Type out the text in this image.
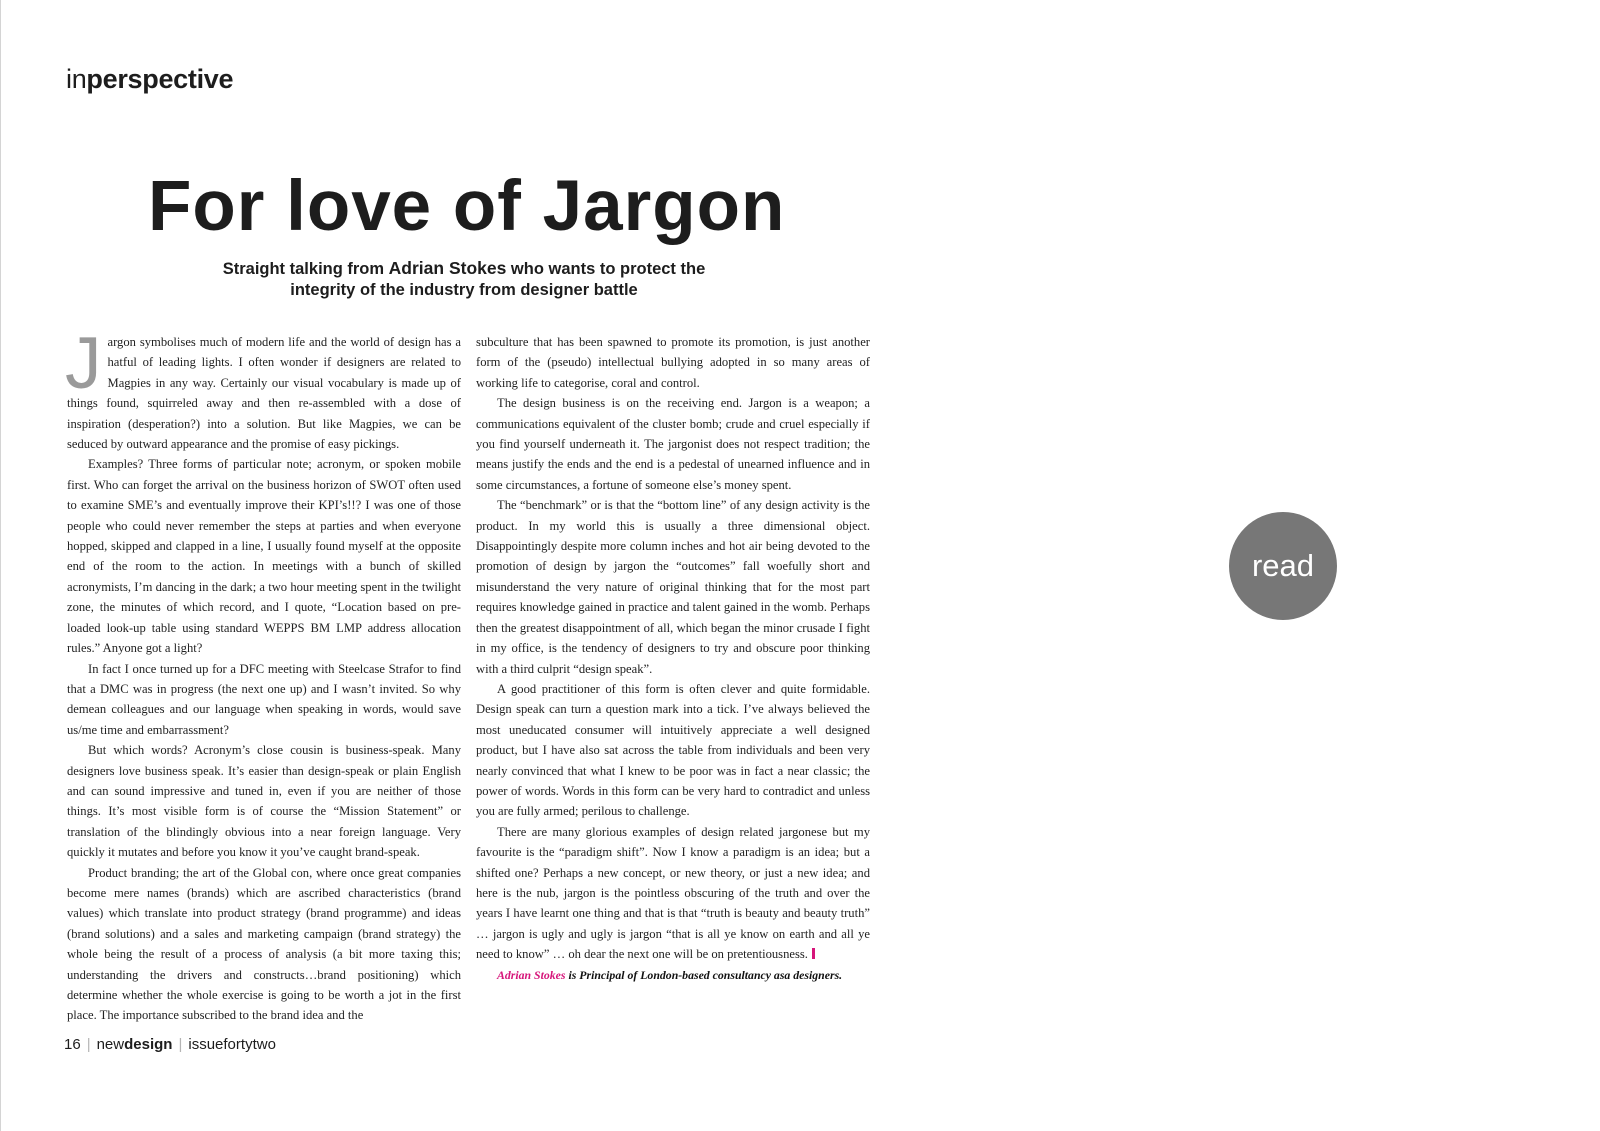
inperspective
For love of Jargon

Straight talking from Adrian Stokes who wants to protect the integrity of the industry from designer battle

Jargon symbolises much of modern life and the world of design has a hatful of leading lights. I often wonder if designers are related to Magpies in any way. Certainly our visual vocabulary is made up of things found, squirreled away and then re-assembled with a dose of inspiration (desperation?) into a solution. But like Magpies, we can be seduced by outward appearance and the promise of easy pickings.

Examples? Three forms of particular note; acronym, or spoken mobile first. Who can forget the arrival on the business horizon of SWOT often used to examine SME’s and eventually improve their KPI’s!!? I was one of those people who could never remember the steps at parties and when everyone hopped, skipped and clapped in a line, I usually found myself at the opposite end of the room to the action. In meetings with a bunch of skilled acronymists, I’m dancing in the dark; a two hour meeting spent in the twilight zone, the minutes of which record, and I quote, “Location based on pre-loaded look-up table using standard WEPPS BM LMP address allocation rules.” Anyone got a light?

In fact I once turned up for a DFC meeting with Steelcase Strafor to find that a DMC was in progress (the next one up) and I wasn’t invited. So why demean colleagues and our language when speaking in words, would save us/me time and embarrassment?

But which words? Acronym’s close cousin is business-speak. Many designers love business speak. It’s easier than design-speak or plain English and can sound impressive and tuned in, even if you are neither of those things. It’s most visible form is of course the “Mission Statement” or translation of the blindingly obvious into a near foreign language. Very quickly it mutates and before you know it you’ve caught brand-speak.

Product branding; the art of the Global con, where once great companies become mere names (brands) which are ascribed characteristics (brand values) which translate into product strategy (brand programme) and ideas (brand solutions) and a sales and marketing campaign (brand strategy) the whole being the result of a process of analysis (a bit more taxing this; understanding the drivers and constructs…brand positioning) which determine whether the whole exercise is going to be worth a jot in the first place. The importance subscribed to the brand idea and the

subculture that has been spawned to promote its promotion, is just another form of the (pseudo) intellectual bullying adopted in so many areas of working life to categorise, coral and control.

The design business is on the receiving end. Jargon is a weapon; a communications equivalent of the cluster bomb; crude and cruel especially if you find yourself underneath it. The jargonist does not respect tradition; the means justify the ends and the end is a pedestal of unearned influence and in some circumstances, a fortune of someone else’s money spent.

The “benchmark” or is that the “bottom line” of any design activity is the product. In my world this is usually a three dimensional object. Disappointingly despite more column inches and hot air being devoted to the promotion of design by jargon the “outcomes” fall woefully short and misunderstand the very nature of original thinking that for the most part requires knowledge gained in practice and talent gained in the womb. Perhaps then the greatest disappointment of all, which began the minor crusade I fight in my office, is the tendency of designers to try and obscure poor thinking with a third culprit “design speak”.

A good practitioner of this form is often clever and quite formidable. Design speak can turn a question mark into a tick. I’ve always believed the most uneducated consumer will intuitively appreciate a well designed product, but I have also sat across the table from individuals and been very nearly convinced that what I knew to be poor was in fact a near classic; the power of words. Words in this form can be very hard to contradict and unless you are fully armed; perilous to challenge.

There are many glorious examples of design related jargonese but my favourite is the “paradigm shift”. Now I know a paradigm is an idea; but a shifted one? Perhaps a new concept, or new theory, or just a new idea; and here is the nub, jargon is the pointless obscuring of the truth and over the years I have learnt one thing and that is that “truth is beauty and beauty truth” … jargon is ugly and ugly is jargon “that is all ye know on earth and all ye need to know” … oh dear the next one will be on pretentiousness.

Adrian Stokes is Principal of London-based consultancy asa designers.

16 | newdesign | issuefortytwo
read
